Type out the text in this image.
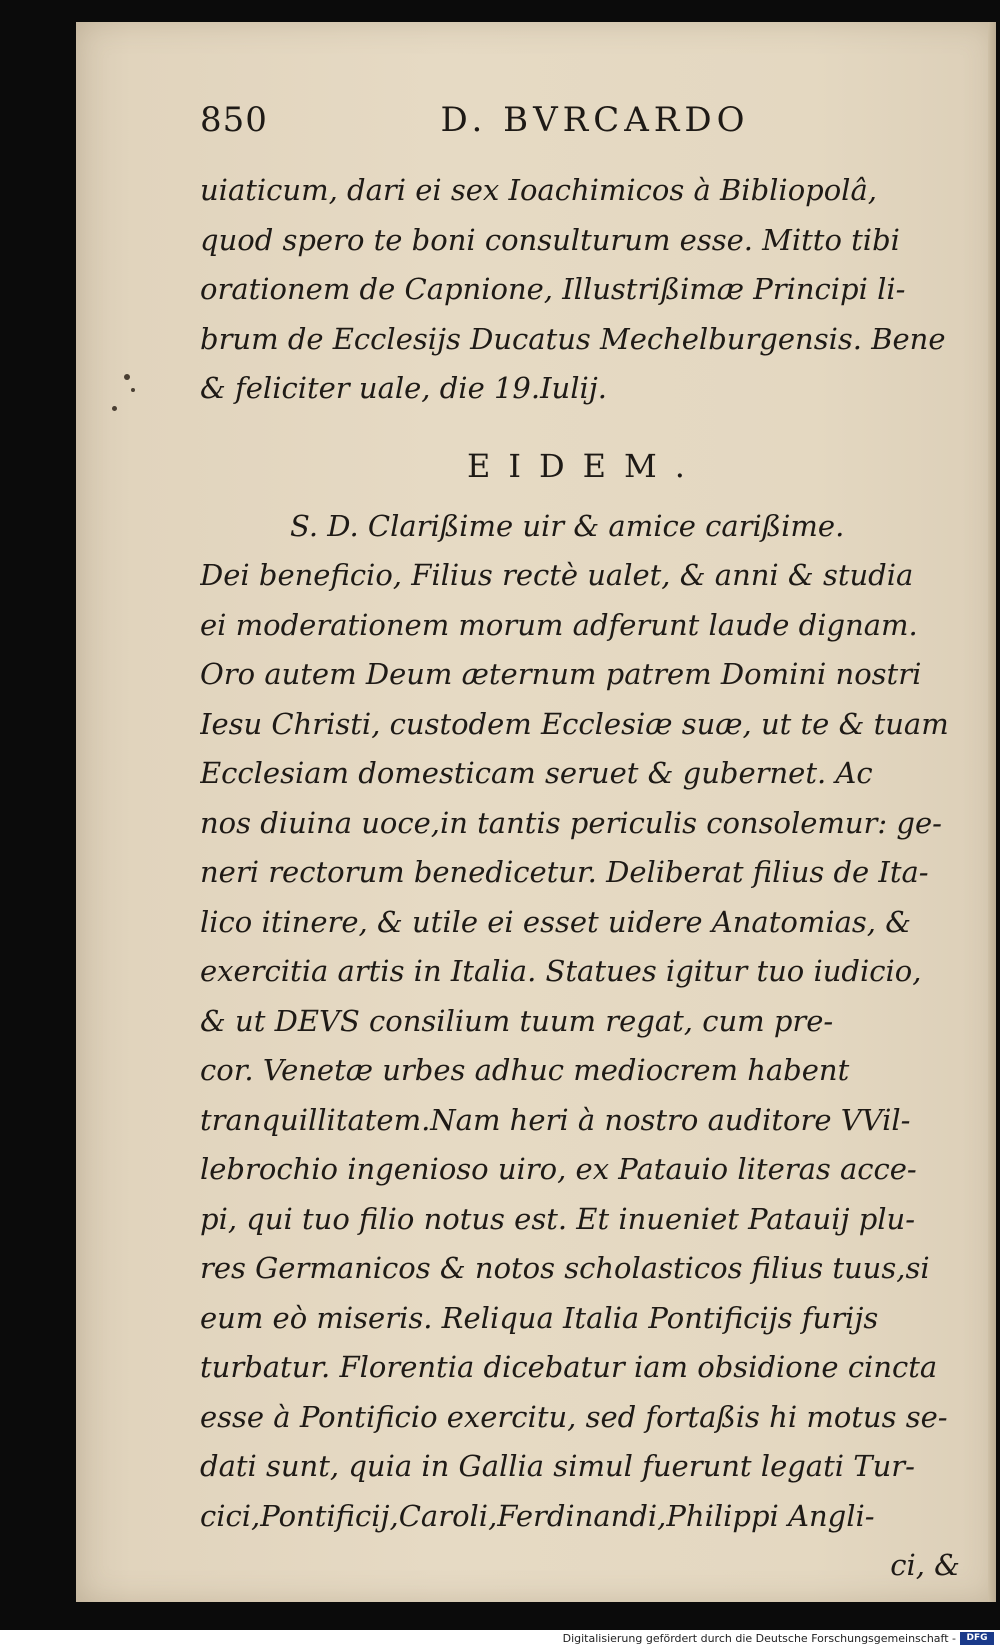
850	D. BVRCARDO
uiaticum, dari ei sex Ioachimicos à Bibliopolâ,
quod spero te boni consulturum esse. Mitto tibi
orationem de Capnione, Illustrißimæ Principi li-
brum de Ecclesijs Ducatus Mechelburgensis. Bene
& feliciter uale, die 19.Iulij.
EIDEM.
S. D. Clarißime uir & amice carißime.
Dei beneficio, Filius rectè ualet, & anni & studia
ei moderationem morum adferunt laude dignam.
Oro autem Deum æternum patrem Domini nostri
Iesu Christi, custodem Ecclesiæ suæ, ut te & tuam
Ecclesiam domesticam seruet & gubernet. Ac
nos diuina uoce,in tantis periculis consolemur: ge-
neri rectorum benedicetur. Deliberat filius de Ita-
lico itinere, & utile ei esset uidere Anatomias, &
exercitia artis in Italia. Statues igitur tuo iudicio,
& ut DEVS consilium tuum regat, cum pre-
cor. Venetæ urbes adhuc mediocrem habent
tranquillitatem.Nam heri à nostro auditore VVil-
lebrochio ingenioso uiro, ex Patauio literas acce-
pi, qui tuo filio notus est. Et inueniet Patauij plu-
res Germanicos & notos scholasticos filius tuus,si
eum eò miseris. Reliqua Italia Pontificijs furijs
turbatur. Florentia dicebatur iam obsidione cincta
esse à Pontificio exercitu, sed fortaßis hi motus se-
dati sunt, quia in Gallia simul fuerunt legati Tur-
cici,Pontificij,Caroli,Ferdinandi,Philippi Angli-
ci, &
Digitalisierung gefördert durch die Deutsche Forschungsgemeinschaft -	DFG
